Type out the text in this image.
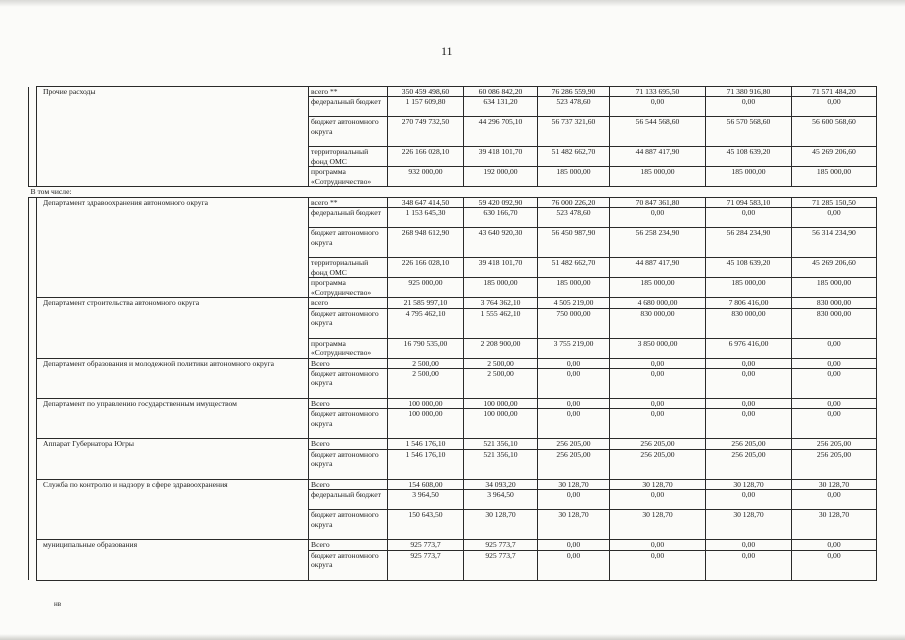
11
	Прочие расходы	всего **	350 459 498,60	60 086 842,20	76 286 559,90	71 133 695,50	71 380 916,80	71 571 484,20
		федеральный бюджет	1 157 609,80	634 131,20	523 478,60	0,00	0,00	0,00
		бюджет автономного округа	270 749 732,50	44 296 705,10	56 737 321,60	56 544 568,60	56 570 568,60	56 600 568,60
		территориальный фонд ОМС	226 166 028,10	39 418 101,70	51 482 662,70	44 887 417,90	45 108 639,20	45 269 206,60
		программа «Сотрудничество»	932 000,00	192 000,00	185 000,00	185 000,00	185 000,00	185 000,00
В том числе:								
	Департамент здравоохранения автономного округа	всего **	348 647 414,50	59 420 092,90	76 000 226,20	70 847 361,80	71 094 583,10	71 285 150,50
		федеральный бюджет	1 153 645,30	630 166,70	523 478,60	0,00	0,00	0,00
		бюджет автономного округа	268 948 612,90	43 640 920,30	56 450 987,90	56 258 234,90	56 284 234,90	56 314 234,90
		территориальный фонд ОМС	226 166 028,10	39 418 101,70	51 482 662,70	44 887 417,90	45 108 639,20	45 269 206,60
		программа «Сотрудничество»	925 000,00	185 000,00	185 000,00	185 000,00	185 000,00	185 000,00
	Департамент строительства автономного округа	всего	21 585 997,10	3 764 362,10	4 505 219,00	4 680 000,00	7 806 416,00	830 000,00
		бюджет автономного округа	4 795 462,10	1 555 462,10	750 000,00	830 000,00	830 000,00	830 000,00
		программа «Сотрудничество»	16 790 535,00	2 208 900,00	3 755 219,00	3 850 000,00	6 976 416,00	0,00
	Департамент образования и молодежной политики автономного округа	Всего	2 500,00	2 500,00	0,00	0,00	0,00	0,00
		бюджет автономного округа	2 500,00	2 500,00	0,00	0,00	0,00	0,00
	Департамент по управлению государственным имуществом	Всего	100 000,00	100 000,00	0,00	0,00	0,00	0,00
		бюджет автономного округа	100 000,00	100 000,00	0,00	0,00	0,00	0,00
	Аппарат Губернатора Югры	Всего	1 546 176,10	521 356,10	256 205,00	256 205,00	256 205,00	256 205,00
		бюджет автономного округа	1 546 176,10	521 356,10	256 205,00	256 205,00	256 205,00	256 205,00
	Служба по контролю и надзору в сфере здравоохранения	Всего	154 608,00	34 093,20	30 128,70	30 128,70	30 128,70	30 128,70
		федеральный бюджет	3 964,50	3 964,50	0,00	0,00	0,00	0,00
		бюджет автономного округа	150 643,50	30 128,70	30 128,70	30 128,70	30 128,70	30 128,70
	муниципальные образования	Всего	925 773,7	925 773,7	0,00	0,00	0,00	0,00
		бюджет автономного округа	925 773,7	925 773,7	0,00	0,00	0,00	0,00
нв
